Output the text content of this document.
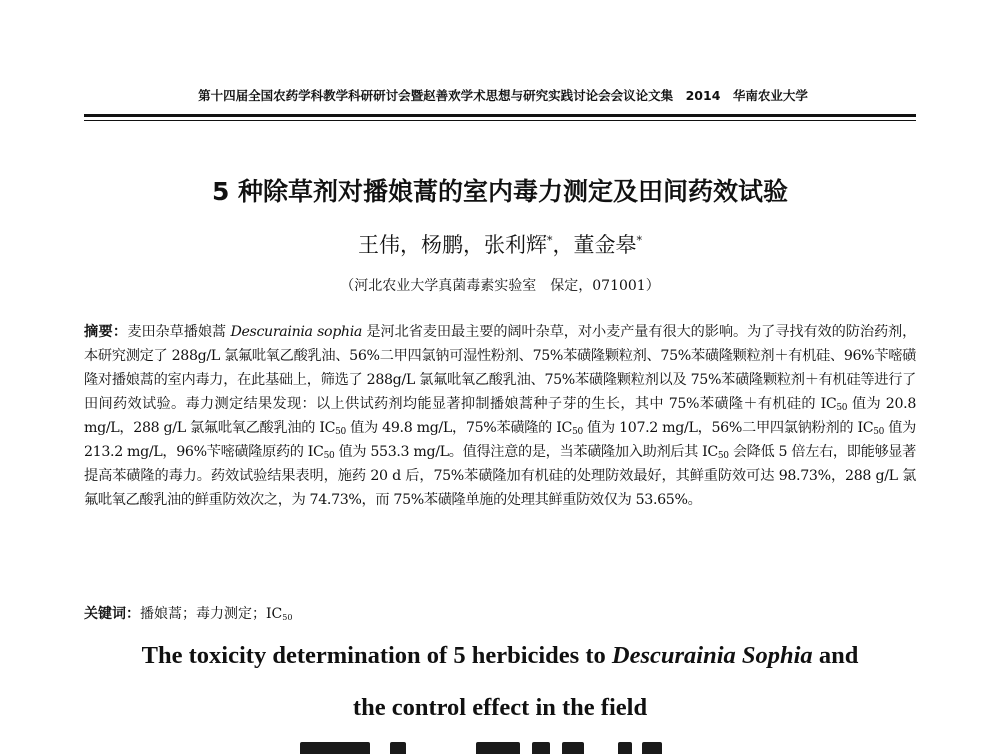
第十四届全国农药学科教学科研研讨会暨赵善欢学术思想与研究实践讨论会会议论文集　2014　华南农业大学
5 种除草剂对播娘蒿的室内毒力测定及田间药效试验
王伟，杨鹏，张利辉*，董金皋*
（河北农业大学真菌毒素实验室　保定，071001）
摘要：麦田杂草播娘蒿 Descurainia sophia 是河北省麦田最主要的阔叶杂草，对小麦产量有很大的影响。为了寻找有效的防治药剂，本研究测定了 288g/L 氯氟吡氧乙酸乳油、56%二甲四氯钠可湿性粉剂、75%苯磺隆颗粒剂、75%苯磺隆颗粒剂＋有机硅、96%苄嘧磺隆对播娘蒿的室内毒力，在此基础上，筛选了 288g/L 氯氟吡氧乙酸乳油、75%苯磺隆颗粒剂以及 75%苯磺隆颗粒剂＋有机硅等进行了田间药效试验。毒力测定结果发现：以上供试药剂均能显著抑制播娘蒿种子芽的生长，其中 75%苯磺隆＋有机硅的 $IC_{50}$ 值为 20.8 mg/L，288 g/L 氯氟吡氧乙酸乳油的 $IC_{50}$ 值为 49.8 mg/L，75%苯磺隆的 $IC_{50}$ 值为 107.2 mg/L，56%二甲四氯钠粉剂的 $IC_{50}$ 值为 213.2 mg/L，96%苄嘧磺隆原药的 $IC_{50}$ 值为 553.3 mg/L。值得注意的是，当苯磺隆加入助剂后其 $IC_{50}$ 会降低 5 倍左右，即能够显著提高苯磺隆的毒力。药效试验结果表明，施药 20 d 后，75%苯磺隆加有机硅的处理防效最好，其鲜重防效可达 98.73%，288 g/L 氯氟吡氧乙酸乳油的鲜重防效次之，为 74.73%，而 75%苯磺隆单施的处理其鲜重防效仅为 53.65%。
关键词：播娘蒿；毒力测定；$IC_{50}$
The toxicity determination of 5 herbicides to Descurainia Sophia and
the control effect in the field
